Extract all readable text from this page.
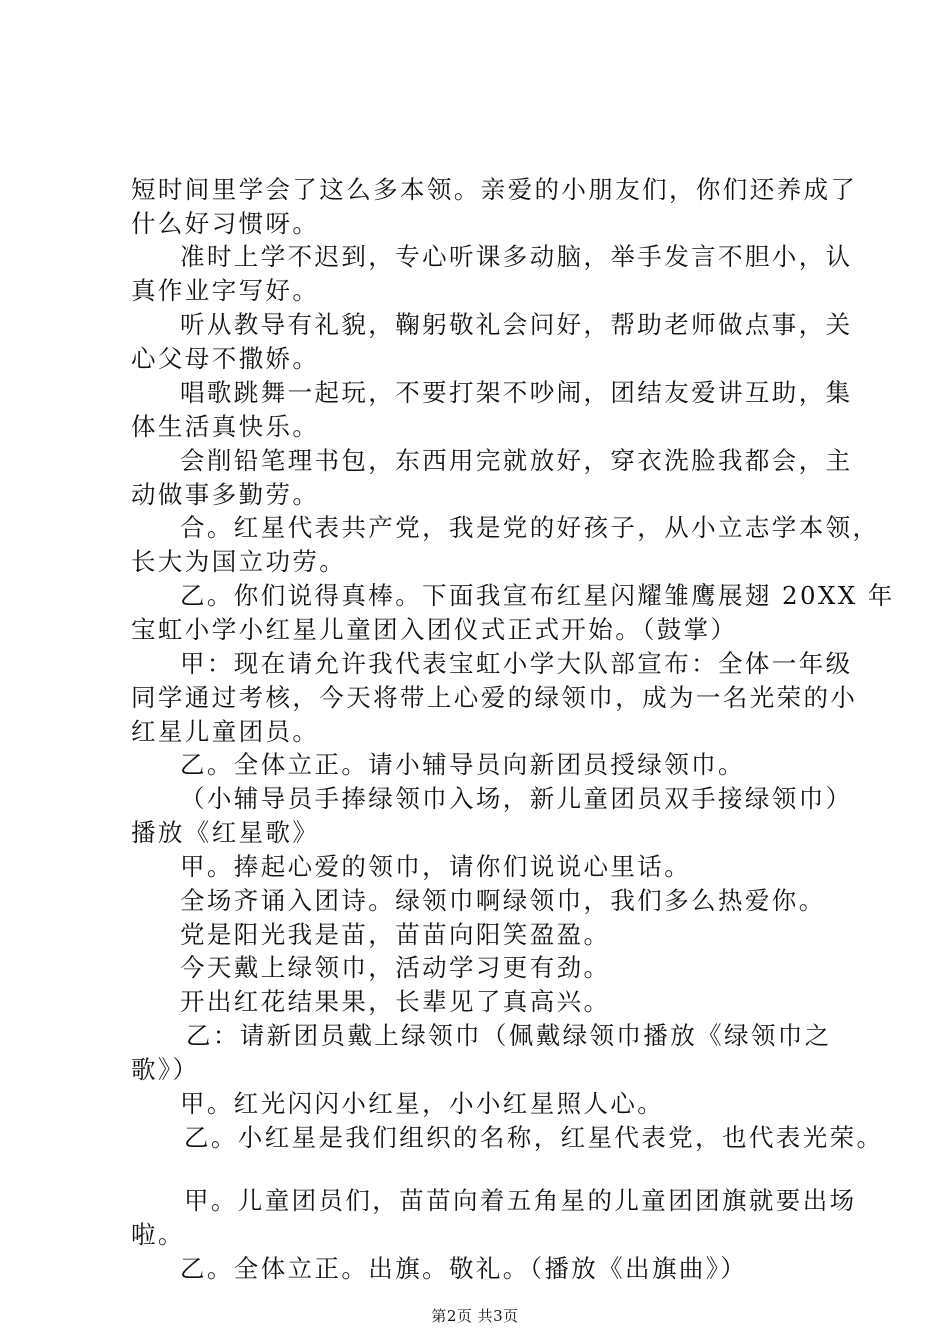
短时间里学会了这么多本领。亲爱的小朋友们，你们还养成了
什么好习惯呀。
准时上学不迟到，专心听课多动脑，举手发言不胆小，认
真作业字写好。
听从教导有礼貌，鞠躬敬礼会问好，帮助老师做点事，关
心父母不撒娇。
唱歌跳舞一起玩，不要打架不吵闹，团结友爱讲互助，集
体生活真快乐。
会削铅笔理书包，东西用完就放好，穿衣洗脸我都会，主
动做事多勤劳。
合。红星代表共产党，我是党的好孩子，从小立志学本领，
长大为国立功劳。
乙。你们说得真棒。下面我宣布红星闪耀雏鹰展翅 20XX 年
宝虹小学小红星儿童团入团仪式正式开始。（鼓掌）
甲：现在请允许我代表宝虹小学大队部宣布：全体一年级
同学通过考核，今天将带上心爱的绿领巾，成为一名光荣的小
红星儿童团员。
乙。全体立正。请小辅导员向新团员授绿领巾。
（小辅导员手捧绿领巾入场，新儿童团员双手接绿领巾）
播放《红星歌》
甲。捧起心爱的领巾，请你们说说心里话。
全场齐诵入团诗。绿领巾啊绿领巾，我们多么热爱你。
党是阳光我是苗，苗苗向阳笑盈盈。
今天戴上绿领巾，活动学习更有劲。
开出红花结果果，长辈见了真高兴。
乙：请新团员戴上绿领巾（佩戴绿领巾播放《绿领巾之
歌》）
甲。红光闪闪小红星，小小红星照人心。
乙。小红星是我们组织的名称，红星代表党，也代表光荣。
甲。儿童团员们，苗苗向着五角星的儿童团团旗就要出场
啦。
乙。全体立正。出旗。敬礼。（播放《出旗曲》）
第2页 共3页
